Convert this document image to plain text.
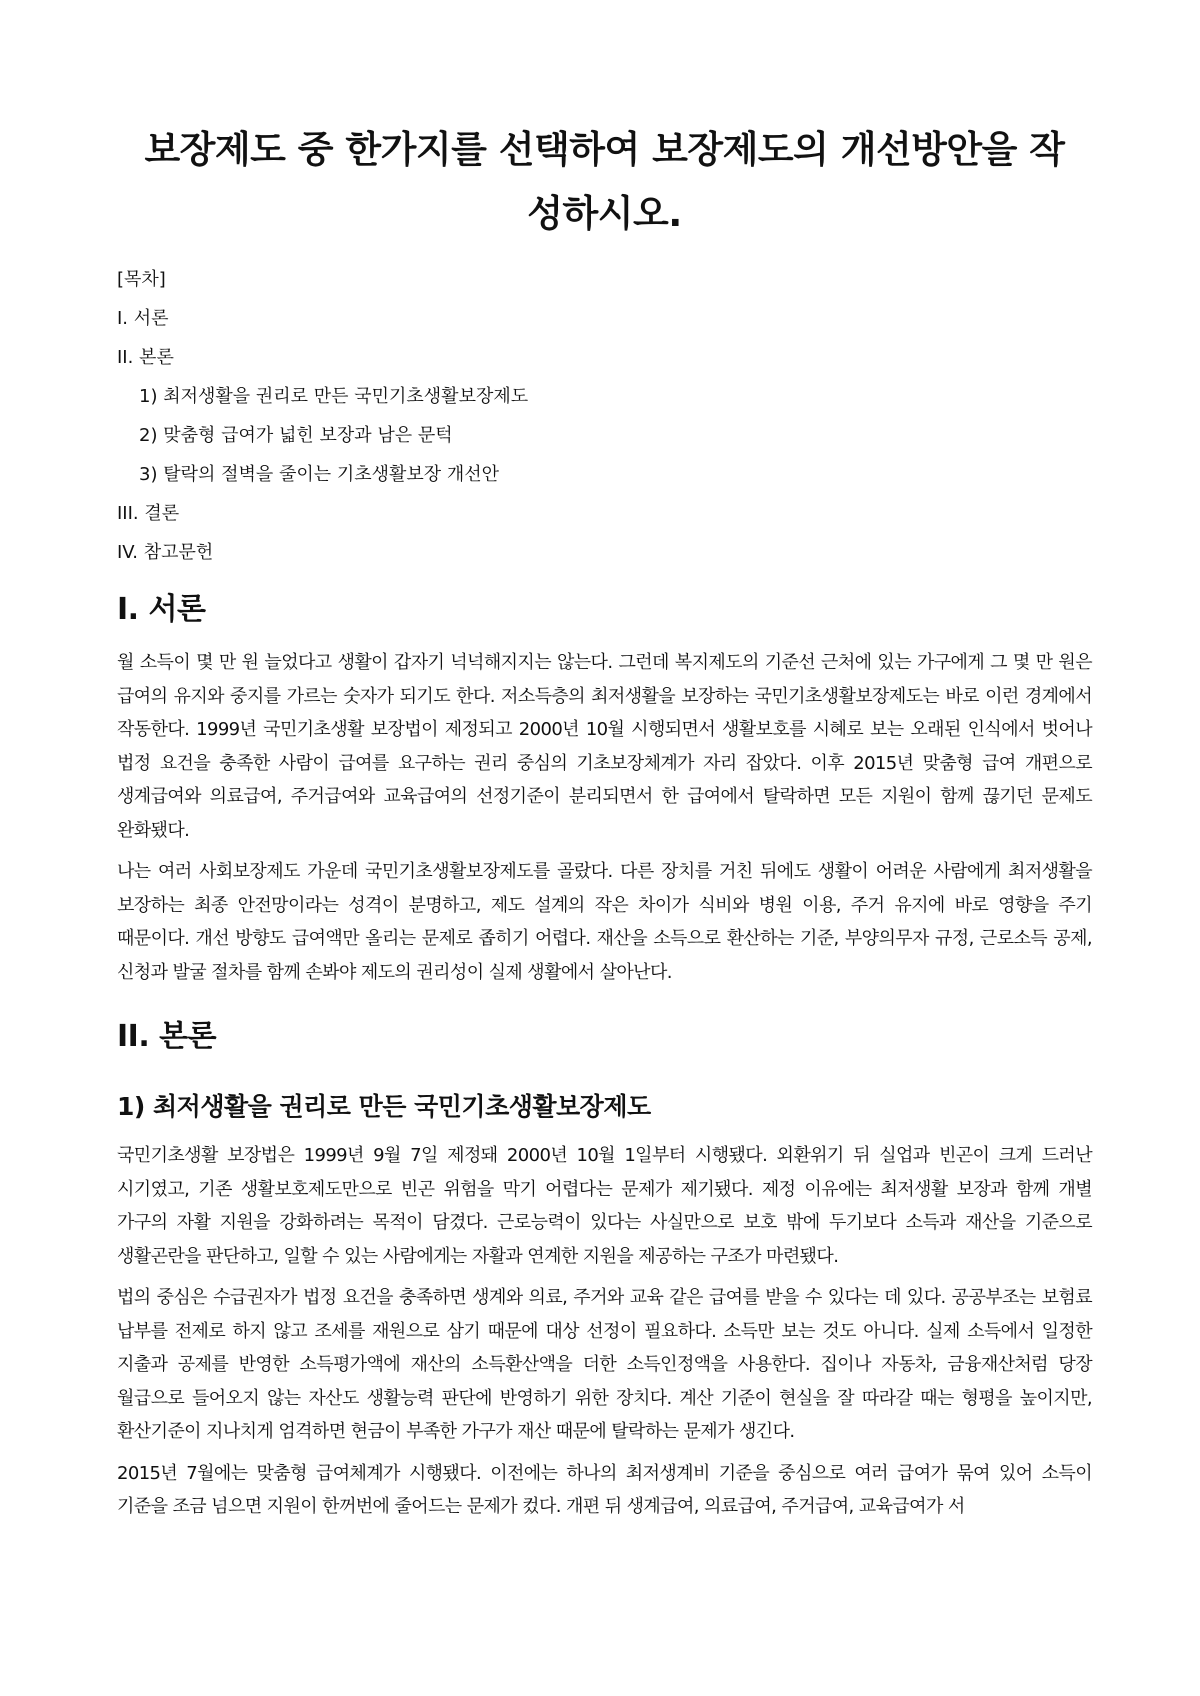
보장제도 중 한가지를 선택하여 보장제도의 개선방안을 작성하시오.
[목차]
I. 서론
II. 본론
1) 최저생활을 권리로 만든 국민기초생활보장제도
2) 맞춤형 급여가 넓힌 보장과 남은 문턱
3) 탈락의 절벽을 줄이는 기초생활보장 개선안
III. 결론
IV. 참고문헌
I. 서론

월 소득이 몇 만 원 늘었다고 생활이 갑자기 넉넉해지지는 않는다. 그런데 복지제도의 기준선 근처에 있는 가구에게 그 몇 만 원은 급여의 유지와 중지를 가르는 숫자가 되기도 한다. 저소득층의 최저생활을 보장하는 국민기초생활보장제도는 바로 이런 경계에서 작동한다. 1999년 국민기초생활 보장법이 제정되고 2000년 10월 시행되면서 생활보호를 시혜로 보는 오래된 인식에서 벗어나 법정 요건을 충족한 사람이 급여를 요구하는 권리 중심의 기초보장체계가 자리 잡았다. 이후 2015년 맞춤형 급여 개편으로 생계급여와 의료급여, 주거급여와 교육급여의 선정기준이 분리되면서 한 급여에서 탈락하면 모든 지원이 함께 끊기던 문제도 완화됐다.

나는 여러 사회보장제도 가운데 국민기초생활보장제도를 골랐다. 다른 장치를 거친 뒤에도 생활이 어려운 사람에게 최저생활을 보장하는 최종 안전망이라는 성격이 분명하고, 제도 설계의 작은 차이가 식비와 병원 이용, 주거 유지에 바로 영향을 주기 때문이다. 개선 방향도 급여액만 올리는 문제로 좁히기 어렵다. 재산을 소득으로 환산하는 기준, 부양의무자 규정, 근로소득 공제, 신청과 발굴 절차를 함께 손봐야 제도의 권리성이 실제 생활에서 살아난다.

II. 본론
1) 최저생활을 권리로 만든 국민기초생활보장제도

국민기초생활 보장법은 1999년 9월 7일 제정돼 2000년 10월 1일부터 시행됐다. 외환위기 뒤 실업과 빈곤이 크게 드러난 시기였고, 기존 생활보호제도만으로 빈곤 위험을 막기 어렵다는 문제가 제기됐다. 제정 이유에는 최저생활 보장과 함께 개별 가구의 자활 지원을 강화하려는 목적이 담겼다. 근로능력이 있다는 사실만으로 보호 밖에 두기보다 소득과 재산을 기준으로 생활곤란을 판단하고, 일할 수 있는 사람에게는 자활과 연계한 지원을 제공하는 구조가 마련됐다.

법의 중심은 수급권자가 법정 요건을 충족하면 생계와 의료, 주거와 교육 같은 급여를 받을 수 있다는 데 있다. 공공부조는 보험료 납부를 전제로 하지 않고 조세를 재원으로 삼기 때문에 대상 선정이 필요하다. 소득만 보는 것도 아니다. 실제 소득에서 일정한 지출과 공제를 반영한 소득평가액에 재산의 소득환산액을 더한 소득인정액을 사용한다. 집이나 자동차, 금융재산처럼 당장 월급으로 들어오지 않는 자산도 생활능력 판단에 반영하기 위한 장치다. 계산 기준이 현실을 잘 따라갈 때는 형평을 높이지만, 환산기준이 지나치게 엄격하면 현금이 부족한 가구가 재산 때문에 탈락하는 문제가 생긴다.

2015년 7월에는 맞춤형 급여체계가 시행됐다. 이전에는 하나의 최저생계비 기준을 중심으로 여러 급여가 묶여 있어 소득이 기준을 조금 넘으면 지원이 한꺼번에 줄어드는 문제가 컸다. 개편 뒤 생계급여, 의료급여, 주거급여, 교육급여가 서
